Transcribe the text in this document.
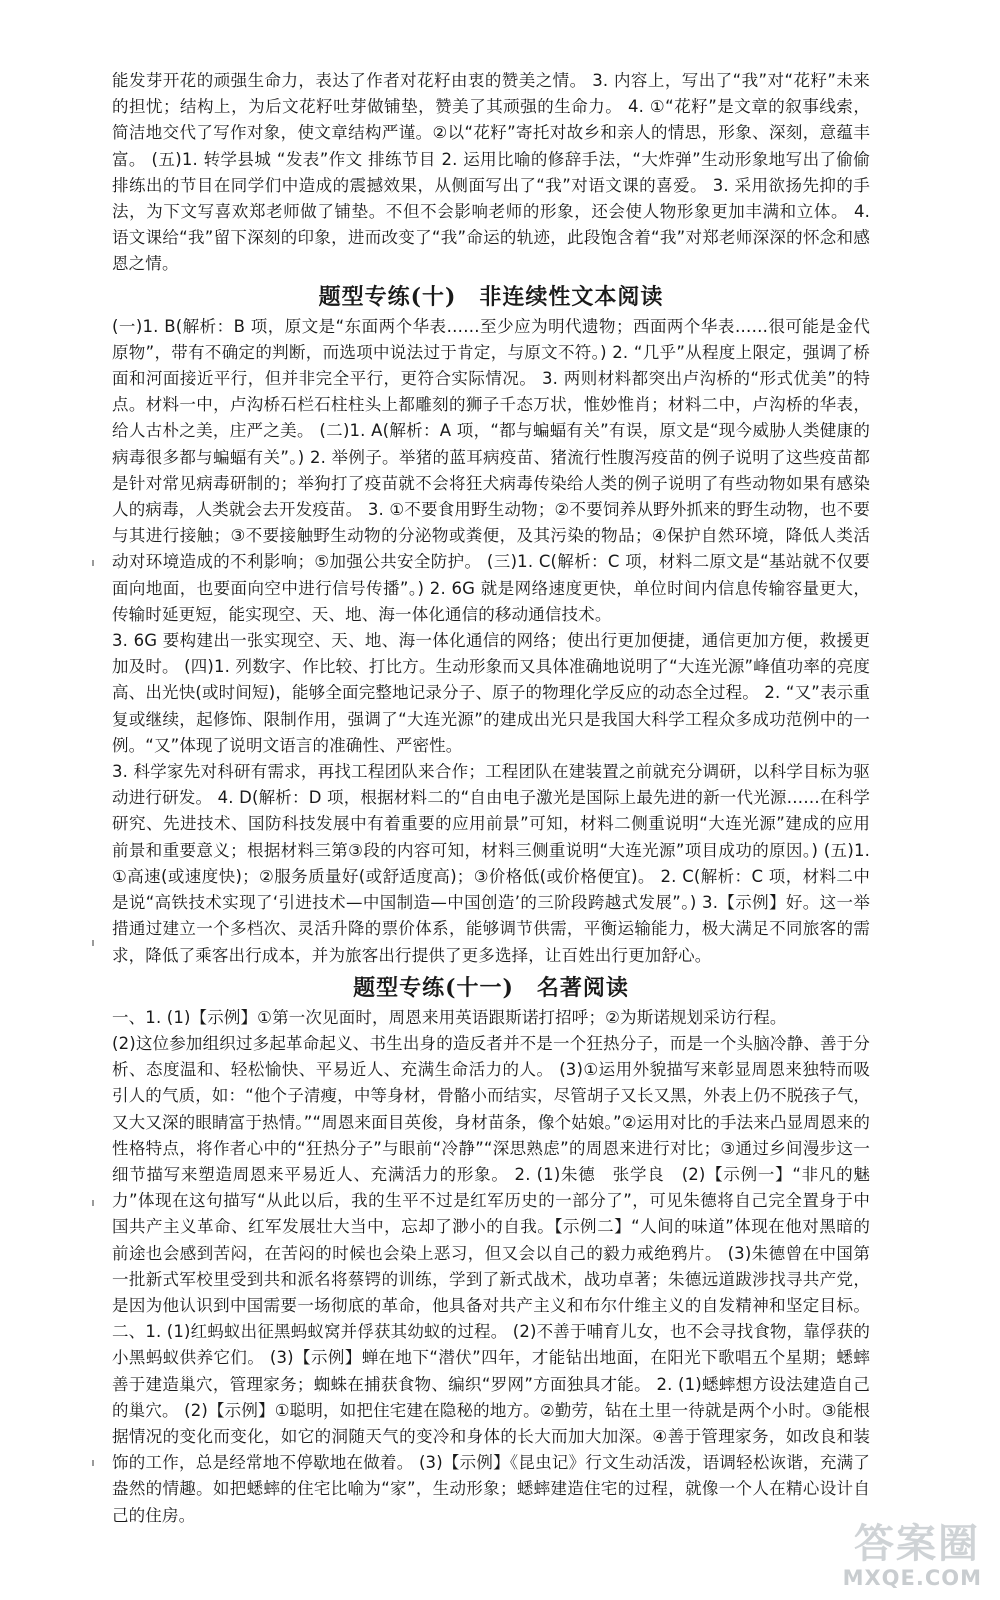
能发芽开花的顽强生命力，表达了作者对花籽由衷的赞美之情。 3. 内容上，写出了“我”对“花籽”未来的担忧；结构上，为后文花籽吐芽做铺垫，赞美了其顽强的生命力。 4. ①“花籽”是文章的叙事线索，简洁地交代了写作对象，使文章结构严谨。②以“花籽”寄托对故乡和亲人的情思，形象、深刻，意蕴丰富。 (五)1. 转学县城 “发表”作文 排练节目 2. 运用比喻的修辞手法，“大炸弹”生动形象地写出了偷偷排练出的节目在同学们中造成的震撼效果，从侧面写出了“我”对语文课的喜爱。 3. 采用欲扬先抑的手法，为下文写喜欢郑老师做了铺垫。不但不会影响老师的形象，还会使人物形象更加丰满和立体。 4. 语文课给“我”留下深刻的印象，进而改变了“我”命运的轨迹，此段饱含着“我”对郑老师深深的怀念和感恩之情。

题型专练(十)　非连续性文本阅读

(一)1. B(解析：B 项，原文是“东面两个华表……至少应为明代遗物；西面两个华表……很可能是金代原物”，带有不确定的判断，而选项中说法过于肯定，与原文不符。) 2. “几乎”从程度上限定，强调了桥面和河面接近平行，但并非完全平行，更符合实际情况。 3. 两则材料都突出卢沟桥的“形式优美”的特点。材料一中，卢沟桥石栏石柱柱头上都雕刻的狮子千态万状，惟妙惟肖；材料二中，卢沟桥的华表，给人古朴之美，庄严之美。 (二)1. A(解析：A 项，“都与蝙蝠有关”有误，原文是“现今威胁人类健康的病毒很多都与蝙蝠有关”。) 2. 举例子。举猪的蓝耳病疫苗、猪流行性腹泻疫苗的例子说明了这些疫苗都是针对常见病毒研制的；举狗打了疫苗就不会将狂犬病毒传染给人类的例子说明了有些动物如果有感染人的病毒，人类就会去开发疫苗。 3. ①不要食用野生动物；②不要饲养从野外抓来的野生动物，也不要与其进行接触；③不要接触野生动物的分泌物或粪便，及其污染的物品；④保护自然环境，降低人类活动对环境造成的不利影响；⑤加强公共安全防护。 (三)1. C(解析：C 项，材料二原文是“基站就不仅要面向地面，也要面向空中进行信号传播”。) 2. 6G 就是网络速度更快，单位时间内信息传输容量更大，传输时延更短，能实现空、天、地、海一体化通信的移动通信技术。

3. 6G 要构建出一张实现空、天、地、海一体化通信的网络；使出行更加便捷，通信更加方便，救援更加及时。 (四)1. 列数字、作比较、打比方。生动形象而又具体准确地说明了“大连光源”峰值功率的亮度高、出光快(或时间短)，能够全面完整地记录分子、原子的物理化学反应的动态全过程。 2. “又”表示重复或继续，起修饰、限制作用，强调了“大连光源”的建成出光只是我国大科学工程众多成功范例中的一例。“又”体现了说明文语言的准确性、严密性。

3. 科学家先对科研有需求，再找工程团队来合作；工程团队在建装置之前就充分调研，以科学目标为驱动进行研发。 4. D(解析：D 项，根据材料二的“自由电子激光是国际上最先进的新一代光源……在科学研究、先进技术、国防科技发展中有着重要的应用前景”可知，材料二侧重说明“大连光源”建成的应用前景和重要意义；根据材料三第③段的内容可知，材料三侧重说明“大连光源”项目成功的原因。) (五)1. ①高速(或速度快)；②服务质量好(或舒适度高)；③价格低(或价格便宜)。 2. C(解析：C 项，材料二中是说“高铁技术实现了‘引进技术—中国制造—中国创造’的三阶段跨越式发展”。) 3.【示例】好。这一举措通过建立一个多档次、灵活升降的票价体系，能够调节供需，平衡运输能力，极大满足不同旅客的需求，降低了乘客出行成本，并为旅客出行提供了更多选择，让百姓出行更加舒心。

题型专练(十一)　名著阅读

一、1. (1)【示例】①第一次见面时，周恩来用英语跟斯诺打招呼；②为斯诺规划采访行程。

(2)这位参加组织过多起革命起义、书生出身的造反者并不是一个狂热分子，而是一个头脑冷静、善于分析、态度温和、轻松愉快、平易近人、充满生命活力的人。 (3)①运用外貌描写来彰显周恩来独特而吸引人的气质，如：“他个子清瘦，中等身材，骨骼小而结实，尽管胡子又长又黑，外表上仍不脱孩子气，又大又深的眼睛富于热情。”“周恩来面目英俊，身材苗条，像个姑娘。”②运用对比的手法来凸显周恩来的性格特点，将作者心中的“狂热分子”与眼前“冷静”“深思熟虑”的周恩来进行对比；③通过乡间漫步这一细节描写来塑造周恩来平易近人、充满活力的形象。 2. (1)朱德　张学良　(2)【示例一】“非凡的魅力”体现在这句描写“从此以后，我的生平不过是红军历史的一部分了”，可见朱德将自己完全置身于中国共产主义革命、红军发展壮大当中，忘却了渺小的自我。【示例二】“人间的味道”体现在他对黑暗的前途也会感到苦闷，在苦闷的时候也会染上恶习，但又会以自己的毅力戒绝鸦片。 (3)朱德曾在中国第一批新式军校里受到共和派名将蔡锷的训练，学到了新式战术，战功卓著；朱德远道跋涉找寻共产党，是因为他认识到中国需要一场彻底的革命，他具备对共产主义和布尔什维主义的自发精神和坚定目标。 二、1. (1)红蚂蚁出征黑蚂蚁窝并俘获其幼蚁的过程。 (2)不善于哺育儿女，也不会寻找食物，靠俘获的小黑蚂蚁供养它们。 (3)【示例】蝉在地下“潜伏”四年，才能钻出地面，在阳光下歌唱五个星期；蟋蟀善于建造巢穴，管理家务；蜘蛛在捕获食物、编织“罗网”方面独具才能。 2. (1)蟋蟀想方设法建造自己的巢穴。 (2)【示例】①聪明，如把住宅建在隐秘的地方。②勤劳，钻在土里一待就是两个小时。③能根据情况的变化而变化，如它的洞随天气的变冷和身体的长大而加大加深。④善于管理家务，如改良和装饰的工作，总是经常地不停歇地在做着。 (3)【示例】《昆虫记》行文生动活泼，语调轻松诙谐，充满了盎然的情趣。如把蟋蟀的住宅比喻为“家”，生动形象；蟋蟀建造住宅的过程，就像一个人在精心设计自己的住房。

答案圈
MXQE.COM
